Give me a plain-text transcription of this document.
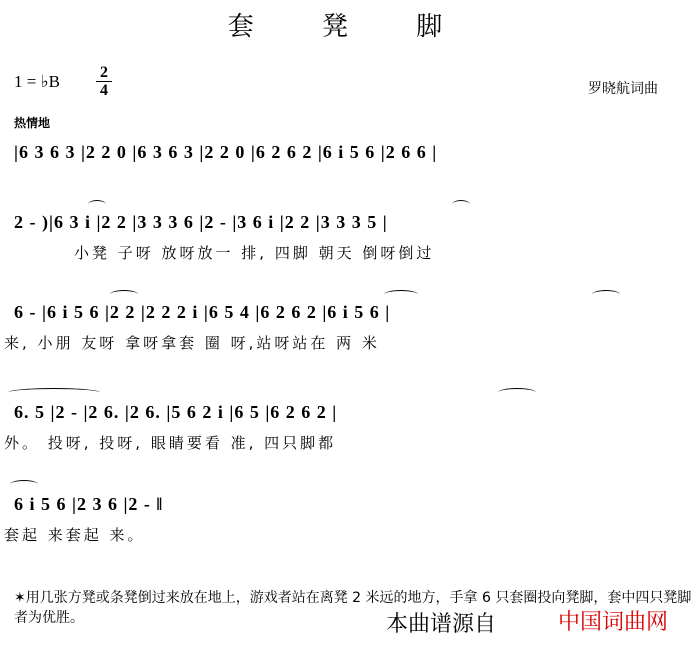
套 凳 脚
1 = ♭B	2
4	罗晓航词曲
热情地
|6 3 6 3 |2 2 0 |6 3 6 3 |2 2 0 |6 2 6 2 |6 i 5 6 |2 6 6 |
2 - )|6 3 i |2 2 |3 3 3 6 |2 - |3 6 i |2 2 |3 3 3 5 |
小凳 子呀 放呀放一 排, 四脚 朝天 倒呀倒过
6 - |6 i 5 6 |2 2 |2 2 2 i |6 5 4 |6 2 6 2 |6 i 5 6 |
来, 小朋 友呀 拿呀拿套 圈 呀,站呀站在 两 米
6. 5 |2 - |2 6. |2 6. |5 6 2 i |6 5 |6 2 6 2 |
外。 投呀, 投呀, 眼睛要看 准, 四只脚都
6 i 5 6 |2 3 6 |2 - ‖
套起 来套起 来。
✶用几张方凳或条凳倒过来放在地上，游戏者站在离凳 2 米远的地方，手拿 6 只套圈投向凳脚，套中四只凳脚者为优胜。	本曲谱源自	中国词曲网
